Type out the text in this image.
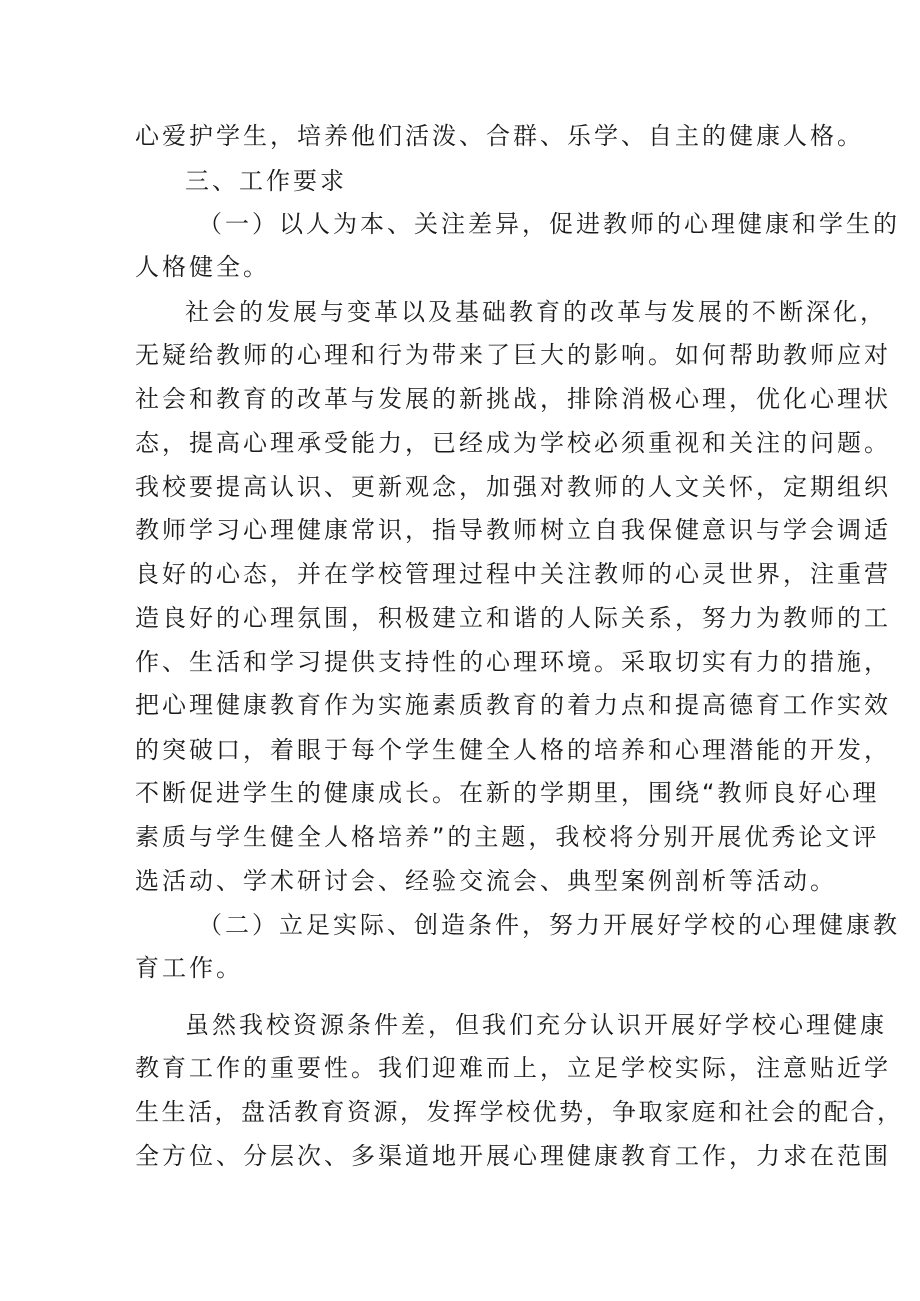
心爱护学生，培养他们活泼、合群、乐学、自主的健康人格。
三、工作要求
（一）以人为本、关注差异，促进教师的心理健康和学生的
人格健全。
社会的发展与变革以及基础教育的改革与发展的不断深化，
无疑给教师的心理和行为带来了巨大的影响。如何帮助教师应对
社会和教育的改革与发展的新挑战，排除消极心理，优化心理状
态，提高心理承受能力，已经成为学校必须重视和关注的问题。
我校要提高认识、更新观念，加强对教师的人文关怀，定期组织
教师学习心理健康常识，指导教师树立自我保健意识与学会调适
良好的心态，并在学校管理过程中关注教师的心灵世界，注重营
造良好的心理氛围，积极建立和谐的人际关系，努力为教师的工
作、生活和学习提供支持性的心理环境。采取切实有力的措施，
把心理健康教育作为实施素质教育的着力点和提高德育工作实效
的突破口，着眼于每个学生健全人格的培养和心理潜能的开发，
不断促进学生的健康成长。在新的学期里，围绕“教师良好心理
素质与学生健全人格培养”的主题，我校将分别开展优秀论文评
选活动、学术研讨会、经验交流会、典型案例剖析等活动。
（二）立足实际、创造条件，努力开展好学校的心理健康教
育工作。
虽然我校资源条件差，但我们充分认识开展好学校心理健康
教育工作的重要性。我们迎难而上，立足学校实际，注意贴近学
生生活，盘活教育资源，发挥学校优势，争取家庭和社会的配合，
全方位、分层次、多渠道地开展心理健康教育工作，力求在范围
